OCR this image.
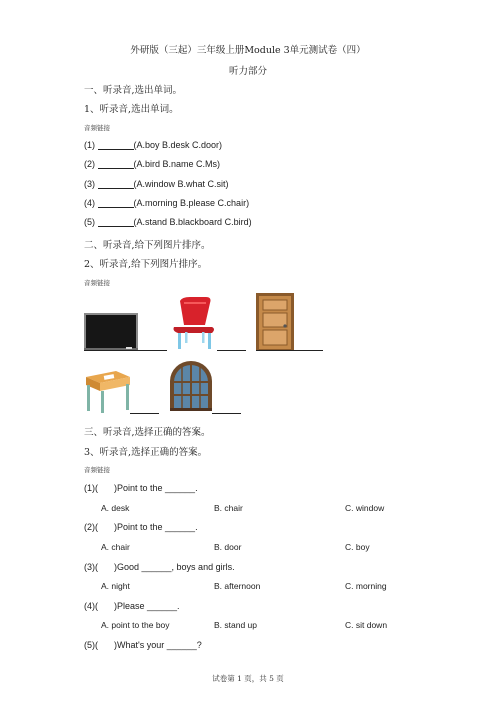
外研版（三起）三年级上册Module 3单元测试卷（四）
听力部分
一、听录音,选出单词。
1、听录音,选出单词。
音频链接
(1)	(A.boy B.desk C.door)
(2)	(A.bird B.name C.Ms)
(3)	(A.window B.what C.sit)
(4)	(A.morning B.please C.chair)
(5)	(A.stand B.blackboard C.bird)
二、听录音,给下列图片排序。
2、听录音,给下列图片排序。
音频链接
三、听录音,选择正确的答案。
3、听录音,选择正确的答案。
音频链接
(1)( )Point to the ______.
A. desk	B. chair	C. window
(2)( )Point to the ______.
A. chair	B. door	C. boy
(3)( )Good ______, boys and girls.
A. night	B. afternoon	C. morning
(4)( )Please ______.
A. point to the boy	B. stand up	C. sit down
(5)( )What's your ______?
试卷第 1 页，共 5 页
